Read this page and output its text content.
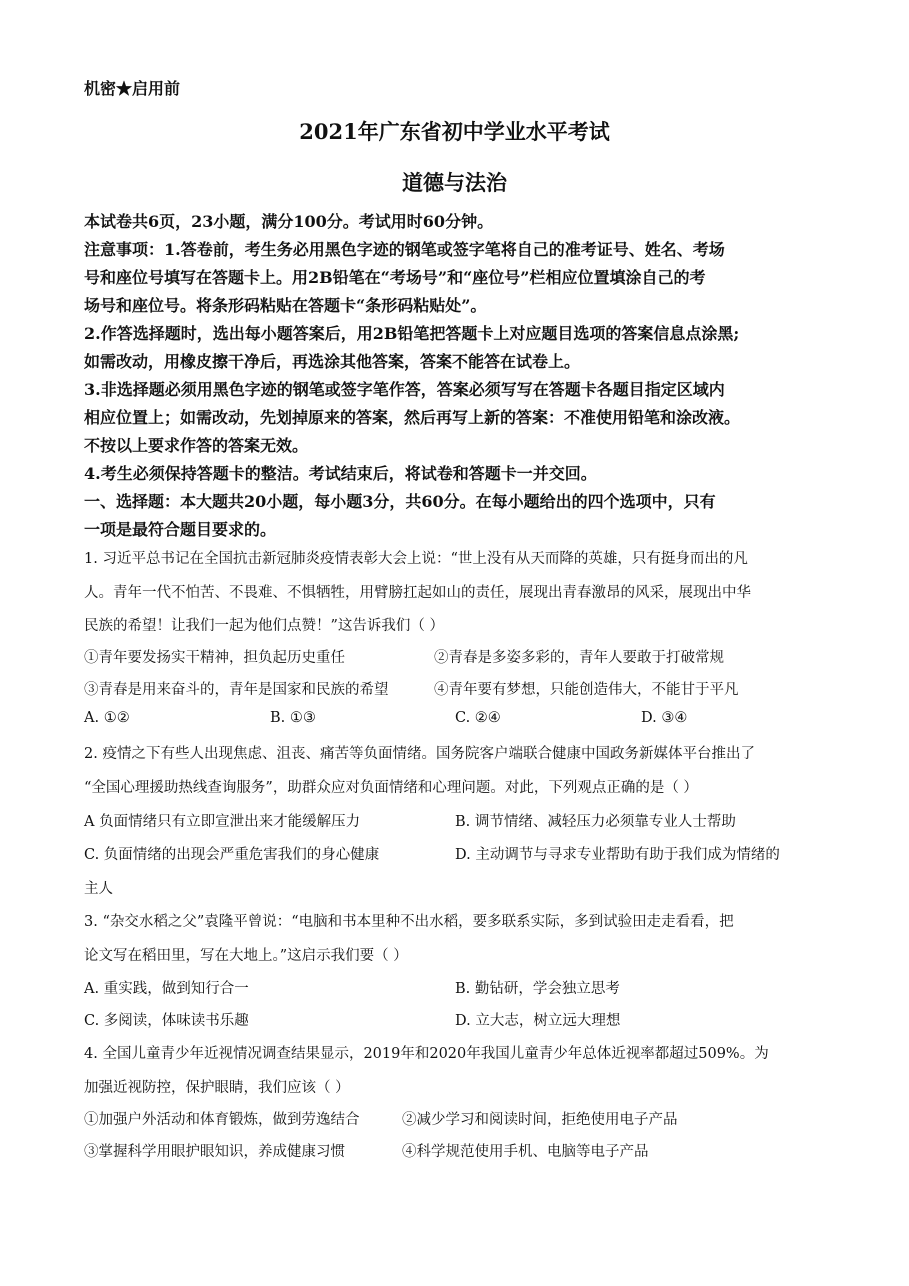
机密★启用前
2021年广东省初中学业水平考试
道德与法治
本试卷共6页，23小题，满分100分。考试用时60分钟。
注意事项：1.答卷前，考生务必用黑色字迹的钢笔或签字笔将自己的准考证号、姓名、考场
号和座位号填写在答题卡上。用2B铅笔在“考场号”和“座位号”栏相应位置填涂自己的考
场号和座位号。将条形码粘贴在答题卡“条形码粘贴处”。
2.作答选择题时，选出每小题答案后，用2B铅笔把答题卡上对应题目选项的答案信息点涂黑;
如需改动，用橡皮擦干净后，再选涂其他答案，答案不能答在试卷上。
3.非选择题必须用黑色字迹的钢笔或签字笔作答，答案必须写写在答题卡各题目指定区域内
相应位置上；如需改动，先划掉原来的答案，然后再写上新的答案：不准使用铅笔和涂改液。
不按以上要求作答的答案无效。
4.考生必须保持答题卡的整洁。考试结束后，将试卷和答题卡一并交回。
一、选择题：本大题共20小题，每小题3分，共60分。在每小题给出的四个选项中，只有
一项是最符合题目要求的。
1. 习近平总书记在全国抗击新冠肺炎疫情表彰大会上说：“世上没有从天而降的英雄，只有挺身而出的凡
人。青年一代不怕苦、不畏难、不惧牺牲，用臂膀扛起如山的责任，展现出青春激昂的风采，展现出中华
民族的希望！让我们一起为他们点赞！”这告诉我们（ ）
①青年要发扬实干精神，担负起历史重任	②青春是多姿多彩的，青年人要敢于打破常规
③青春是用来奋斗的，青年是国家和民族的希望	④青年要有梦想，只能创造伟大，不能甘于平凡
A. ①②	B. ①③	C. ②④	D. ③④
2. 疫情之下有些人出现焦虑、沮丧、痛苦等负面情绪。国务院客户端联合健康中国政务新媒体平台推出了
“全国心理援助热线查询服务”，助群众应对负面情绪和心理问题。对此，下列观点正确的是（ ）
A 负面情绪只有立即宣泄出来才能缓解压力	B. 调节情绪、减轻压力必须靠专业人士帮助
C. 负面情绪的出现会严重危害我们的身心健康	D. 主动调节与寻求专业帮助有助于我们成为情绪的
主人
3. “杂交水稻之父”袁隆平曾说：“电脑和书本里种不出水稻，要多联系实际，多到试验田走走看看，把
论文写在稻田里，写在大地上。”这启示我们要（ ）
A. 重实践，做到知行合一	B. 勤钻研，学会独立思考
C. 多阅读，体味读书乐趣	D. 立大志，树立远大理想
4. 全国儿童青少年近视情况调查结果显示，2019年和2020年我国儿童青少年总体近视率都超过509%。为
加强近视防控，保护眼睛，我们应该（ ）
①加强户外活动和体育锻炼，做到劳逸结合	②减少学习和阅读时间，拒绝使用电子产品
③掌握科学用眼护眼知识，养成健康习惯	④科学规范使用手机、电脑等电子产品
